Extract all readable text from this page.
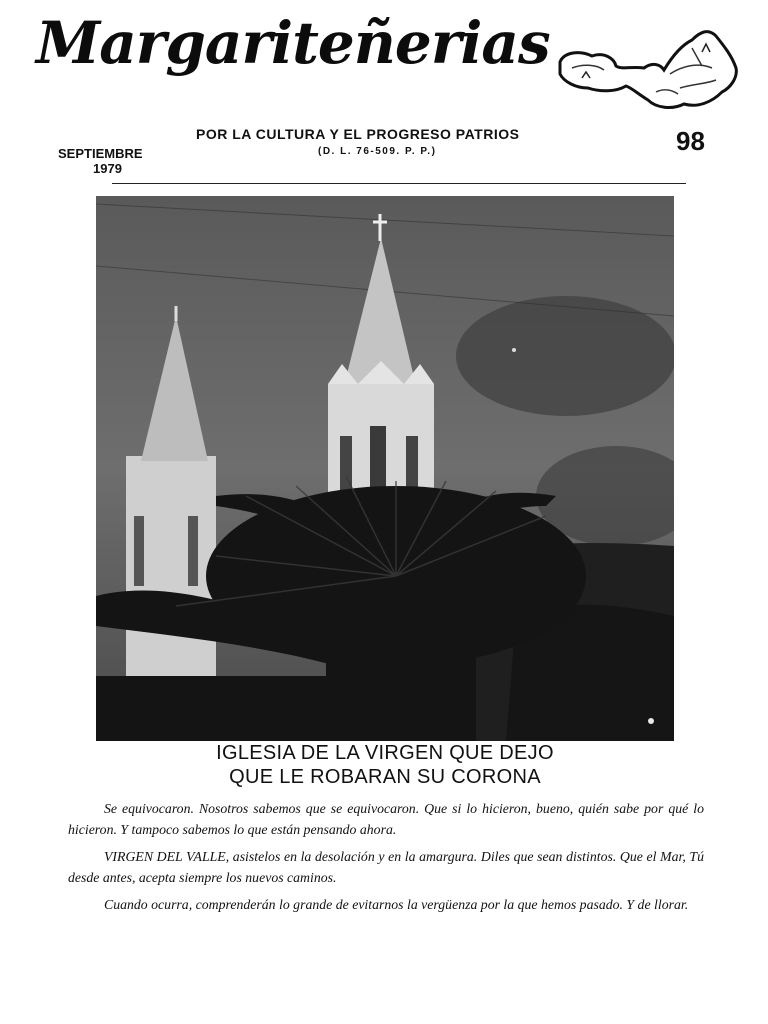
Margariteñerias
POR LA CULTURA Y EL PROGRESO PATRIOS
(D. L. 76-509. P. P.)
SEPTIEMBRE
1979
98
IGLESIA DE LA VIRGEN QUE DEJO
QUE LE ROBARAN SU CORONA

Se equivocaron. Nosotros sabemos que se equivocaron. Que si lo hicieron, bueno, quién sabe por qué lo hicieron. Y tampoco sabemos lo que están pensando ahora.

VIRGEN DEL VALLE, asistelos en la desolación y en la amargura. Diles que sean distintos. Que el Mar, Tú desde antes, acepta siempre los nuevos caminos.

Cuando ocurra, comprenderán lo grande de evitarnos la vergüenza por la que hemos pasado. Y de llorar.
